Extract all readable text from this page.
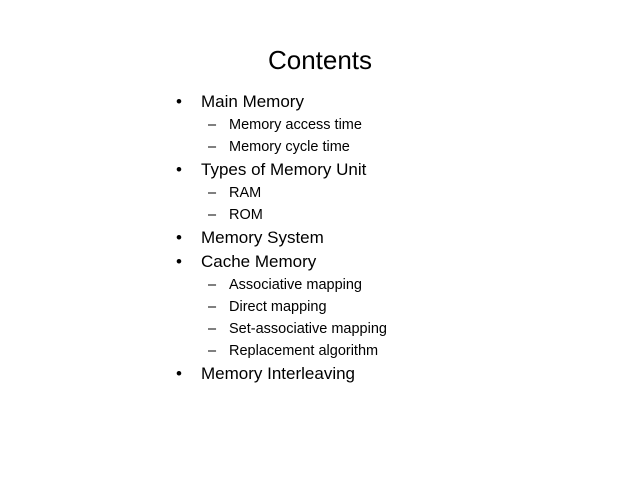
Contents
• Main Memory
– Memory access time
– Memory cycle time
• Types of Memory Unit
– RAM
– ROM
• Memory System
• Cache Memory
– Associative mapping
– Direct mapping
– Set-associative mapping
– Replacement algorithm
• Memory Interleaving
